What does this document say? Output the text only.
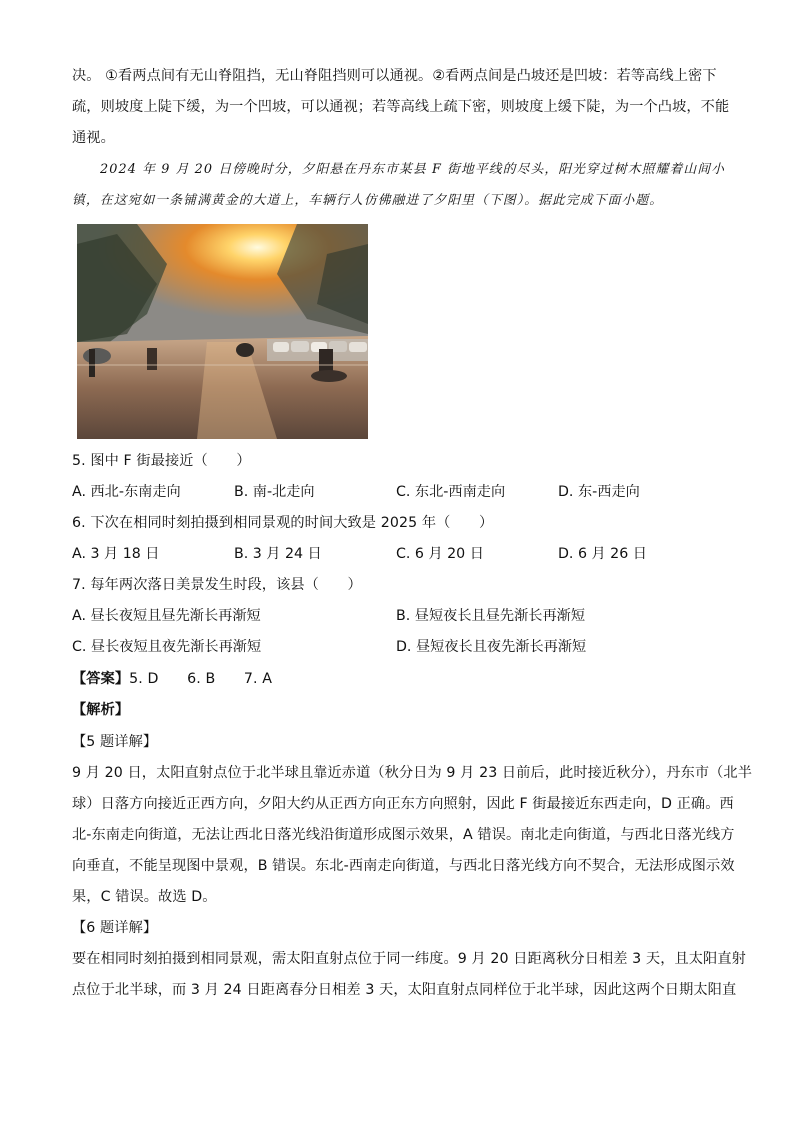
决。 ①看两点间有无山脊阻挡，无山脊阻挡则可以通视。②看两点间是凸坡还是凹坡：若等高线上密下
疏，则坡度上陡下缓，为一个凹坡，可以通视；若等高线上疏下密，则坡度上缓下陡，为一个凸坡，不能
通视。
2024 年 9 月 20 日傍晚时分，夕阳悬在丹东市某县 F 街地平线的尽头，阳光穿过树木照耀着山间小
镇，在这宛如一条铺满黄金的大道上，车辆行人仿佛融进了夕阳里（下图）。据此完成下面小题。
5. 图中 F 街最接近（　　）
A. 西北-东南走向	B. 南-北走向	C. 东北-西南走向	D. 东-西走向
6. 下次在相同时刻拍摄到相同景观的时间大致是 2025 年（　　）
A. 3 月 18 日	B. 3 月 24 日	C. 6 月 20 日	D. 6 月 26 日
7. 每年两次落日美景发生时段，该县（　　）
A. 昼长夜短且昼先渐长再渐短	B. 昼短夜长且昼先渐长再渐短
C. 昼长夜短且夜先渐长再渐短	D. 昼短夜长且夜先渐长再渐短
【答案】5. D　　6. B　　7. A
【解析】
【5 题详解】
9 月 20 日，太阳直射点位于北半球且靠近赤道（秋分日为 9 月 23 日前后，此时接近秋分），丹东市（北半
球）日落方向接近正西方向，夕阳大约从正西方向正东方向照射，因此 F 街最接近东西走向，D 正确。西
北-东南走向街道，无法让西北日落光线沿街道形成图示效果，A 错误。南北走向街道，与西北日落光线方
向垂直，不能呈现图中景观，B 错误。东北-西南走向街道，与西北日落光线方向不契合，无法形成图示效
果，C 错误。故选 D。
【6 题详解】
要在相同时刻拍摄到相同景观，需太阳直射点位于同一纬度。9 月 20 日距离秋分日相差 3 天，且太阳直射
点位于北半球，而 3 月 24 日距离春分日相差 3 天，太阳直射点同样位于北半球，因此这两个日期太阳直
